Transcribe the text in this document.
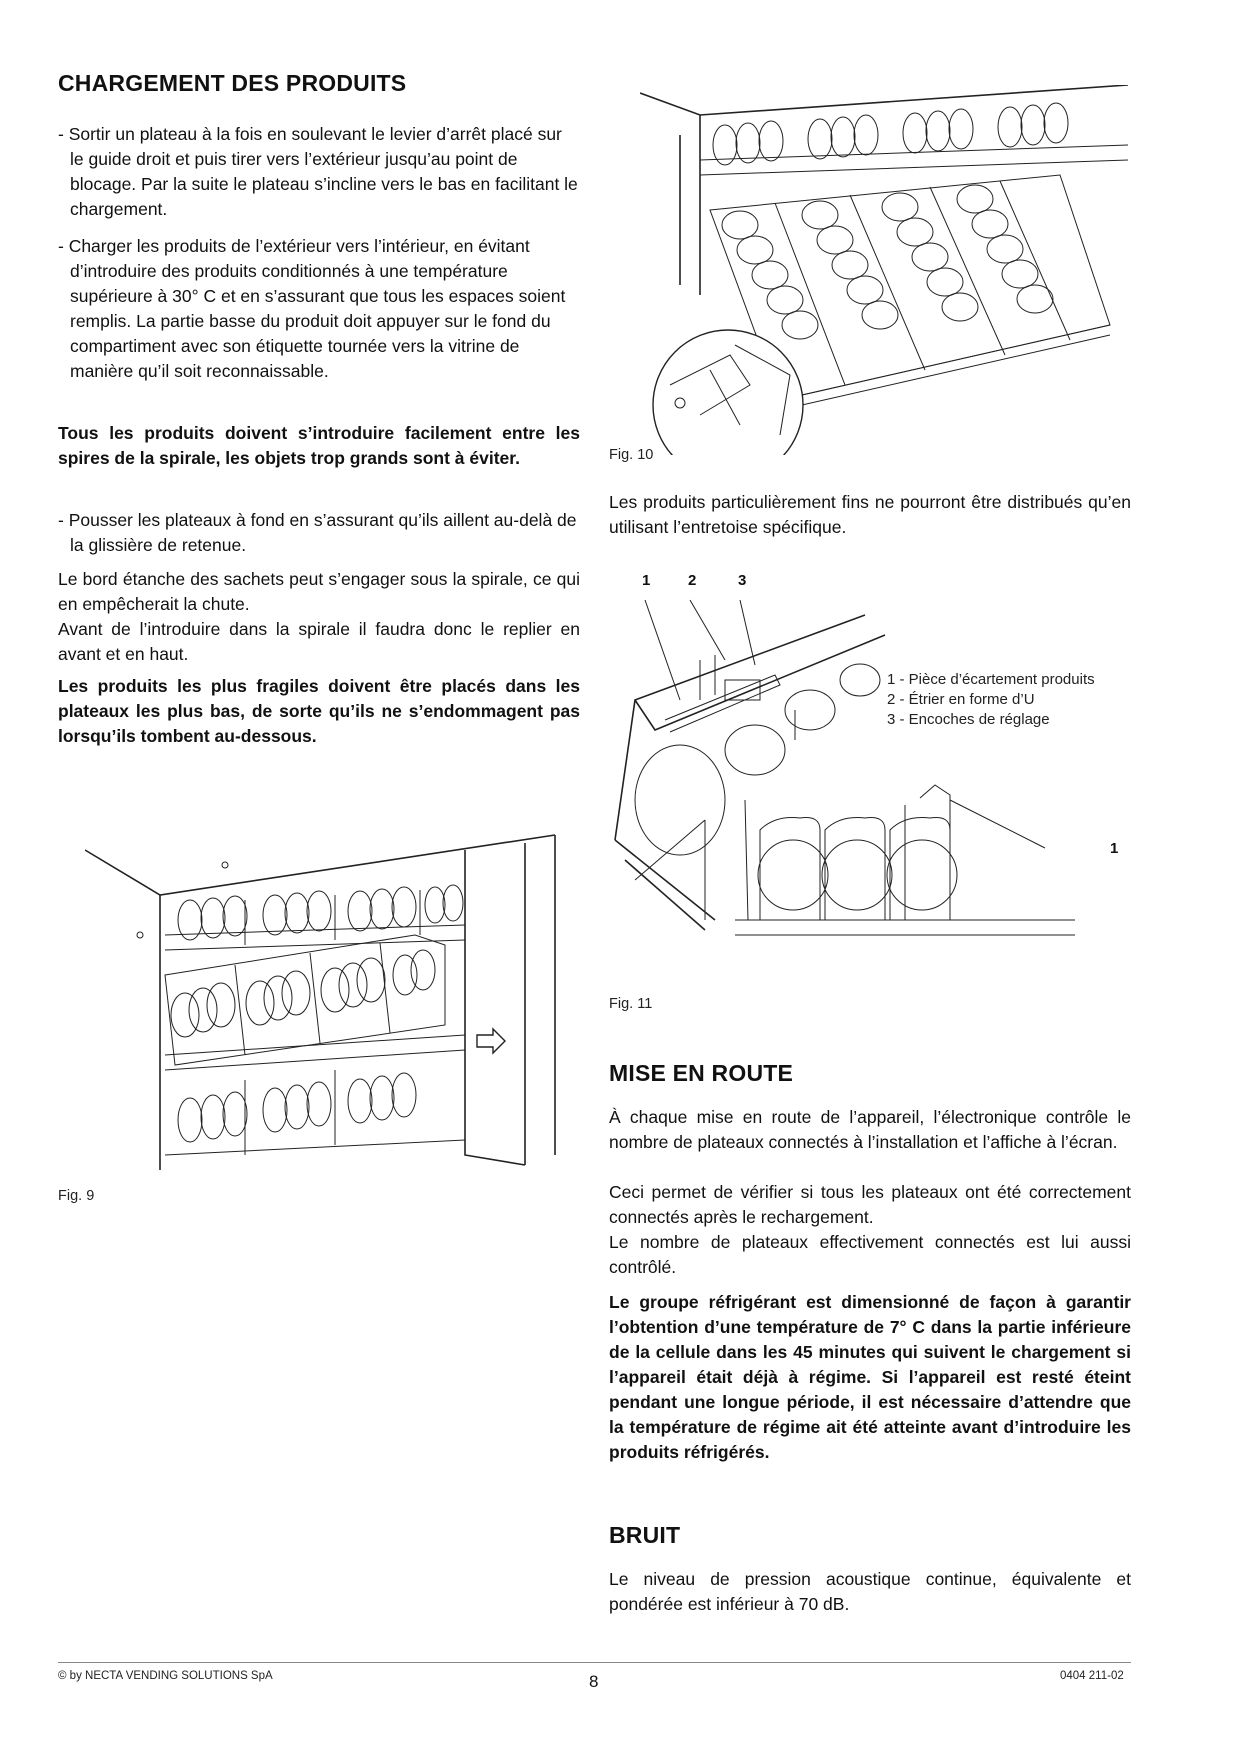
CHARGEMENT DES PRODUITS

- Sortir un plateau à la fois en soulevant le levier d’arrêt placé sur le guide droit et puis tirer vers l’extérieur jusqu’au point de blocage. Par la suite le plateau s’incline vers le bas en facilitant le chargement.

- Charger les produits de l’extérieur vers l’intérieur, en évitant d’introduire des produits conditionnés à une température supérieure à 30° C et en s’assurant que tous les espaces soient remplis. La partie basse du produit doit appuyer sur le fond du compartiment avec son étiquette tournée vers la vitrine de manière qu’il soit reconnaissable.

Tous les produits doivent s’introduire facilement entre les spires de la spirale, les objets trop grands sont à éviter.

- Pousser les plateaux à fond en s’assurant qu’ils aillent au-delà de la glissière de retenue.

Le bord étanche des sachets peut s’engager sous la spirale, ce qui en empêcherait la chute.

Avant de l’introduire dans la spirale il faudra donc le replier en avant et en haut.

Les produits les plus fragiles doivent être placés dans les plateaux les plus bas, de sorte qu’ils ne s’endommagent pas lorsqu’ils tombent au-dessous.

Fig. 9
Fig. 10

Les produits particulièrement fins ne pourront être distribués qu’en utilisant l’entretoise spécifique.

1	2	3
1 - Pièce d’écartement produits
2 - Étrier en forme d’U
3 - Encoches de réglage
1
Fig. 11
MISE EN ROUTE

À chaque mise en route de l’appareil, l’électronique contrôle le nombre de plateaux connectés à l’installation et l’affiche à l’écran.

Ceci permet de vérifier si tous les plateaux ont été correctement connectés après le rechargement.

Le nombre de plateaux effectivement connectés est lui aussi contrôlé.

Le groupe réfrigérant est dimensionné de façon à garantir l’obtention d’une température de 7° C dans la partie inférieure de la cellule dans les 45 minutes qui suivent le chargement si l’appareil était déjà à régime. Si l’appareil est resté éteint pendant une longue période, il est nécessaire d’attendre que la température de régime ait été atteinte avant d’introduire les produits réfrigérés.

BRUIT

Le niveau de pression acoustique continue, équivalente et pondérée est inférieur à 70 dB.

© by NECTA VENDING SOLUTIONS SpA	8	0404 211-02
